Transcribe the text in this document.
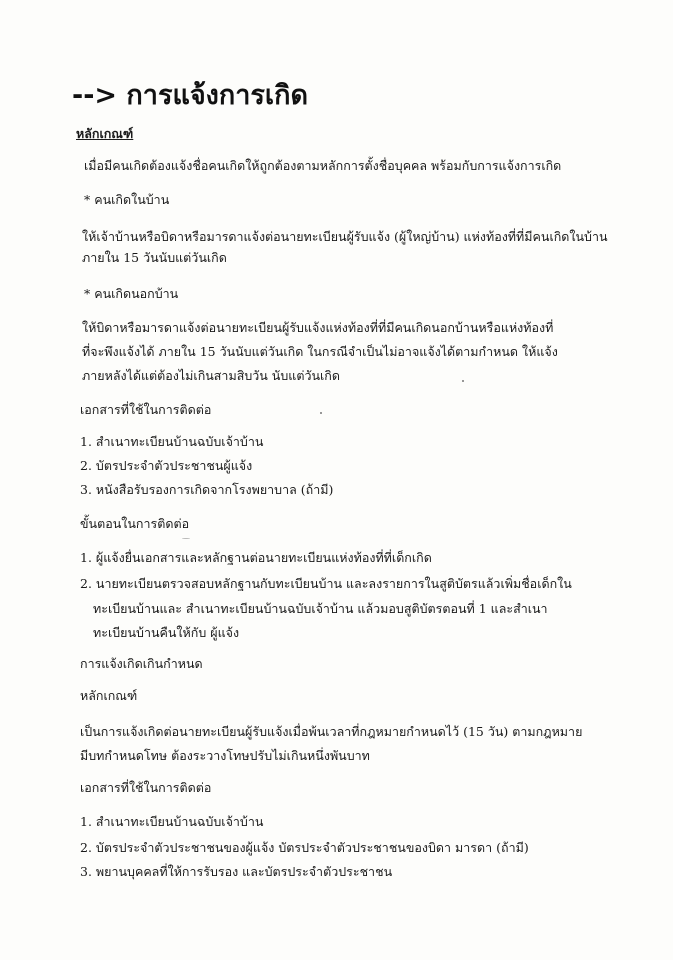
--> การแจ้งการเกิด
หลักเกณฑ์
เมื่อมีคนเกิดต้องแจ้งชื่อคนเกิดให้ถูกต้องตามหลักการตั้งชื่อบุคคล พร้อมกับการแจ้งการเกิด
* คนเกิดในบ้าน
ให้เจ้าบ้านหรือบิดาหรือมารดาแจ้งต่อนายทะเบียนผู้รับแจ้ง (ผู้ใหญ่บ้าน) แห่งท้องที่ที่มีคนเกิดในบ้าน
ภายใน 15 วันนับแต่วันเกิด
* คนเกิดนอกบ้าน
ให้บิดาหรือมารดาแจ้งต่อนายทะเบียนผู้รับแจ้งแห่งท้องที่ที่มีคนเกิดนอกบ้านหรือแห่งท้องที่
ที่จะพึงแจ้งได้ ภายใน 15 วันนับแต่วันเกิด ในกรณีจำเป็นไม่อาจแจ้งได้ตามกำหนด ให้แจ้ง
ภายหลังได้แต่ต้องไม่เกินสามสิบวัน นับแต่วันเกิด
เอกสารที่ใช้ในการติดต่อ
1. สำเนาทะเบียนบ้านฉบับเจ้าบ้าน
2. บัตรประจำตัวประชาชนผู้แจ้ง
3. หนังสือรับรองการเกิดจากโรงพยาบาล (ถ้ามี)
ขั้นตอนในการติดต่อ
1. ผู้แจ้งยื่นเอกสารและหลักฐานต่อนายทะเบียนแห่งท้องที่ที่เด็กเกิด
2. นายทะเบียนตรวจสอบหลักฐานกับทะเบียนบ้าน และลงรายการในสูติบัตรแล้วเพิ่มชื่อเด็กใน
ทะเบียนบ้านและ สำเนาทะเบียนบ้านฉบับเจ้าบ้าน แล้วมอบสูติบัตรตอนที่ 1 และสำเนา
ทะเบียนบ้านคืนให้กับ ผู้แจ้ง
การแจ้งเกิดเกินกำหนด
หลักเกณฑ์
เป็นการแจ้งเกิดต่อนายทะเบียนผู้รับแจ้งเมื่อพ้นเวลาที่กฎหมายกำหนดไว้ (15 วัน) ตามกฎหมาย
มีบทกำหนดโทษ ต้องระวางโทษปรับไม่เกินหนึ่งพันบาท
เอกสารที่ใช้ในการติดต่อ
1. สำเนาทะเบียนบ้านฉบับเจ้าบ้าน
2. บัตรประจำตัวประชาชนของผู้แจ้ง บัตรประจำตัวประชาชนของบิดา มารดา (ถ้ามี)
3. พยานบุคคลที่ให้การรับรอง และบัตรประจำตัวประชาชน
